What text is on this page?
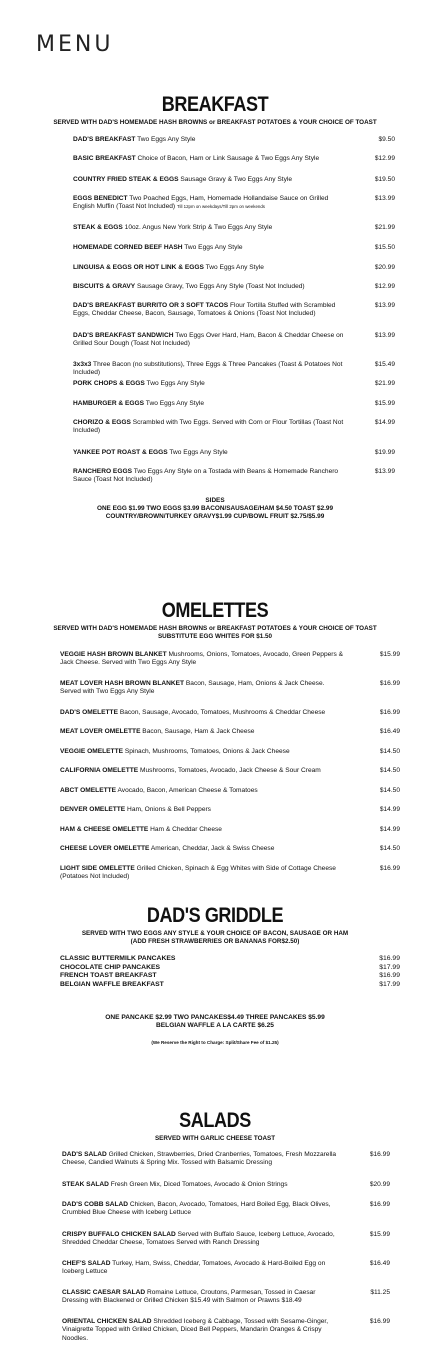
MENU
BREAKFAST
SERVED WITH DAD'S HOMEMADE HASH BROWNS or BREAKFAST POTATOES & YOUR CHOICE OF TOAST
DAD'S BREAKFAST Two Eggs Any Style	$9.50
BASIC BREAKFAST Choice of Bacon, Ham or Link Sausage & Two Eggs Any Style	$12.99
COUNTRY FRIED STEAK & EGGS Sausage Gravy & Two Eggs Any Style	$19.50
EGGS BENEDICT Two Poached Eggs, Ham, Homemade Hollandaise Sauce on Grilled English Muffin (Toast Not Included) Till 12pm on weekdays/Till 2pm on weekends
$13.99
STEAK & EGGS 10oz. Angus New York Strip & Two Eggs Any Style	$21.99
HOMEMADE CORNED BEEF HASH Two Eggs Any Style	$15.50
LINGUISA & EGGS OR HOT LINK & EGGS Two Eggs Any Style	$20.99
BISCUITS & GRAVY Sausage Gravy, Two Eggs Any Style (Toast Not Included)	$12.99
DAD'S BREAKFAST BURRITO OR 3 SOFT TACOS Flour Tortilla Stuffed with Scrambled Eggs, Cheddar Cheese, Bacon, Sausage, Tomatoes & Onions (Toast Not Included)
$13.99
DAD'S BREAKFAST SANDWICH Two Eggs Over Hard, Ham, Bacon & Cheddar Cheese on Grilled Sour Dough (Toast Not Included)
$13.99
3x3x3 Three Bacon (no substitutions), Three Eggs & Three Pancakes (Toast & Potatoes Not Included)
$15.49
PORK CHOPS & EGGS Two Eggs Any Style	$21.99
HAMBURGER & EGGS Two Eggs Any Style	$15.99
CHORIZO & EGGS Scrambled with Two Eggs. Served with Corn or Flour Tortillas (Toast Not Included)
$14.99
YANKEE POT ROAST & EGGS Two Eggs Any Style	$19.99
RANCHERO EGGS Two Eggs Any Style on a Tostada with Beans & Homemade Ranchero Sauce (Toast Not Included)
$13.99
SIDES
ONE EGG $1.99 TWO EGGS $3.99 BACON/SAUSAGE/HAM $4.50 TOAST $2.99
COUNTRY/BROWN/TURKEY GRAVY$1.99 CUP/BOWL FRUIT $2.75/$5.99
OMELETTES
SERVED WITH DAD'S HOMEMADE HASH BROWNS or BREAKFAST POTATOES & YOUR CHOICE OF TOAST
SUBSTITUTE EGG WHITES FOR $1.50
VEGGIE HASH BROWN BLANKET Mushrooms, Onions, Tomatoes, Avocado, Green Peppers & Jack Cheese. Served with Two Eggs Any Style
$15.99
MEAT LOVER HASH BROWN BLANKET Bacon, Sausage, Ham, Onions & Jack Cheese. Served with Two Eggs Any Style
$16.99
DAD'S OMELETTE Bacon, Sausage, Avocado, Tomatoes, Mushrooms & Cheddar Cheese	$16.99
MEAT LOVER OMELETTE Bacon, Sausage, Ham & Jack Cheese	$16.49
VEGGIE OMELETTE Spinach, Mushrooms, Tomatoes, Onions & Jack Cheese	$14.50
CALIFORNIA OMELETTE Mushrooms, Tomatoes, Avocado, Jack Cheese & Sour Cream	$14.50
ABCT OMELETTE Avocado, Bacon, American Cheese & Tomatoes	$14.50
DENVER OMELETTE Ham, Onions & Bell Peppers	$14.99
HAM & CHEESE OMELETTE Ham & Cheddar Cheese	$14.99
CHEESE LOVER OMELETTE American, Cheddar, Jack & Swiss Cheese	$14.50
LIGHT SIDE OMELETTE Grilled Chicken, Spinach & Egg Whites with Side of Cottage Cheese (Potatoes Not Included)
$16.99
DAD'S GRIDDLE
SERVED WITH TWO EGGS ANY STYLE & YOUR CHOICE OF BACON, SAUSAGE OR HAM
(ADD FRESH STRAWBERRIES OR BANANAS FOR$2.50)
CLASSIC BUTTERMILK PANCAKES	$16.99
CHOCOLATE CHIP PANCAKES	$17.99
FRENCH TOAST BREAKFAST	$16.99
BELGIAN WAFFLE BREAKFAST	$17.99
ONE PANCAKE $2.99 TWO PANCAKES$4.49 THREE PANCAKES $5.99
BELGIAN WAFFLE A LA CARTE $6.25
(We Reserve the Right to Charge: Split/Share Fee of $1.25)
SALADS
SERVED WITH GARLIC CHEESE TOAST
DAD'S SALAD Grilled Chicken, Strawberries, Dried Cranberries, Tomatoes, Fresh Mozzarella Cheese, Candied Walnuts & Spring Mix. Tossed with Balsamic Dressing
$16.99
STEAK SALAD Fresh Green Mix, Diced Tomatoes, Avocado & Onion Strings	$20.99
DAD'S COBB SALAD Chicken, Bacon, Avocado, Tomatoes, Hard Boiled Egg, Black Olives, Crumbled Blue Cheese with Iceberg Lettuce
$16.99
CRISPY BUFFALO CHICKEN SALAD Served with Buffalo Sauce, Iceberg Lettuce, Avocado, Shredded Cheddar Cheese, Tomatoes Served with Ranch Dressing
$15.99
CHEF'S SALAD Turkey, Ham, Swiss, Cheddar, Tomatoes, Avocado & Hard-Boiled Egg on Iceberg Lettuce
$16.49
CLASSIC CAESAR SALAD Romaine Lettuce, Croutons, Parmesan, Tossed in Caesar Dressing with Blackened or Grilled Chicken $15.49 with Salmon or Prawns $18.49
$11.25
ORIENTAL CHICKEN SALAD Shredded Iceberg & Cabbage, Tossed with Sesame-Ginger, Vinaigrette Topped with Grilled Chicken, Diced Bell Peppers, Mandarin Oranges & Crispy Noodles.
$16.99
